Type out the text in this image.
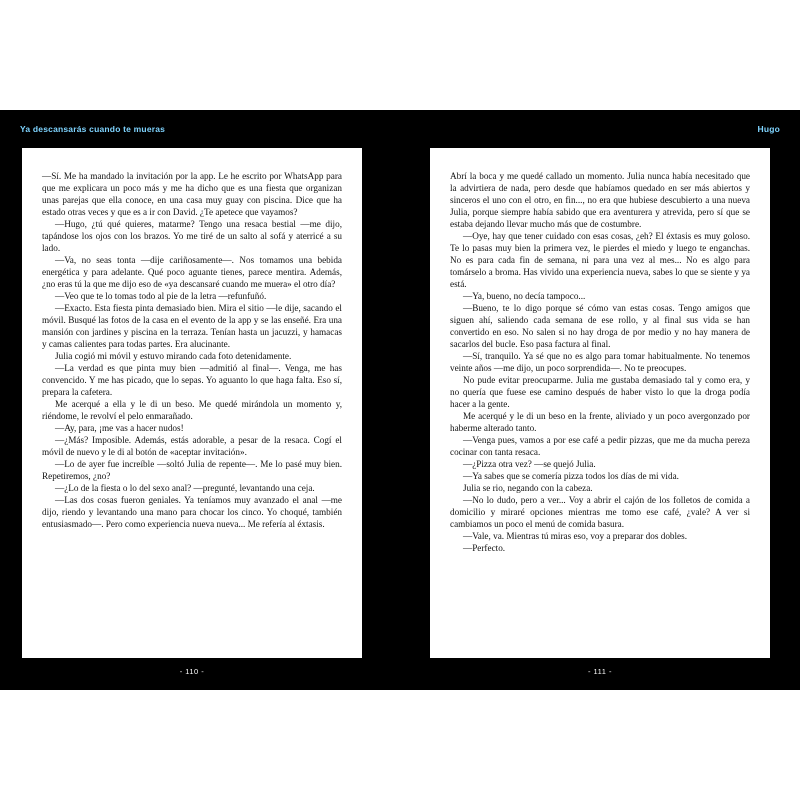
Ya descansarás cuando te mueras	Hugo

—Sí. Me ha mandado la invitación por la app. Le he escrito por WhatsApp para que me explicara un poco más y me ha dicho que es una fiesta que organizan unas parejas que ella conoce, en una casa muy guay con piscina. Dice que ha estado otras veces y que es a ir con David. ¿Te apetece que vayamos?

—Hugo, ¿tú qué quieres, matarme? Tengo una resaca bestial —me dijo, tapándose los ojos con los brazos. Yo me tiré de un salto al sofá y aterricé a su lado.

—Va, no seas tonta —dije cariñosamente—. Nos tomamos una bebida energética y para adelante. Qué poco aguante tienes, parece mentira. Además, ¿no eras tú la que me dijo eso de «ya descansaré cuando me muera» el otro día?

—Veo que te lo tomas todo al pie de la letra —refunfuñó.

—Exacto. Esta fiesta pinta demasiado bien. Mira el sitio —le dije, sacando el móvil. Busqué las fotos de la casa en el evento de la app y se las enseñé. Era una mansión con jardines y piscina en la terraza. Tenían hasta un jacuzzi, y hamacas y camas calientes para todas partes. Era alucinante.

Julia cogió mi móvil y estuvo mirando cada foto detenidamente.

—La verdad es que pinta muy bien —admitió al final—. Venga, me has convencido. Y me has picado, que lo sepas. Yo aguanto lo que haga falta. Eso sí, prepara la cafetera.

Me acerqué a ella y le di un beso. Me quedé mirándola un momento y, riéndome, le revolví el pelo enmarañado.

—Ay, para, ¡me vas a hacer nudos!

—¿Más? Imposible. Además, estás adorable, a pesar de la resaca. Cogí el móvil de nuevo y le di al botón de «aceptar invitación».

—Lo de ayer fue increíble —soltó Julia de repente—. Me lo pasé muy bien. Repetiremos, ¿no?

—¿Lo de la fiesta o lo del sexo anal? —pregunté, levantando una ceja.

—Las dos cosas fueron geniales. Ya teníamos muy avanzado el anal —me dijo, riendo y levantando una mano para chocar los cinco. Yo choqué, también entusiasmado—. Pero como experiencia nueva nueva... Me refería al éxtasis.

Abrí la boca y me quedé callado un momento. Julia nunca había necesitado que la advirtiera de nada, pero desde que habíamos quedado en ser más abiertos y sinceros el uno con el otro, en fin..., no era que hubiese descubierto a una nueva Julia, porque siempre había sabido que era aventurera y atrevida, pero sí que se estaba dejando llevar mucho más que de costumbre.

—Oye, hay que tener cuidado con esas cosas, ¿eh? El éxtasis es muy goloso. Te lo pasas muy bien la primera vez, le pierdes el miedo y luego te enganchas. No es para cada fin de semana, ni para una vez al mes... No es algo para tomárselo a broma. Has vivido una experiencia nueva, sabes lo que se siente y ya está.

—Ya, bueno, no decía tampoco...

—Bueno, te lo digo porque sé cómo van estas cosas. Tengo amigos que siguen ahí, saliendo cada semana de ese rollo, y al final sus vida se han convertido en eso. No salen si no hay droga de por medio y no hay manera de sacarlos del bucle. Eso pasa factura al final.

—Sí, tranquilo. Ya sé que no es algo para tomar habitualmente. No tenemos veinte años —me dijo, un poco sorprendida—. No te preocupes.

No pude evitar preocuparme. Julia me gustaba demasiado tal y como era, y no quería que fuese ese camino después de haber visto lo que la droga podía hacer a la gente.

Me acerqué y le di un beso en la frente, aliviado y un poco avergonzado por haberme alterado tanto.

—Venga pues, vamos a por ese café a pedir pizzas, que me da mucha pereza cocinar con tanta resaca.

—¿Pizza otra vez? —se quejó Julia.

—Ya sabes que se comería pizza todos los días de mi vida.

Julia se rio, negando con la cabeza.

—No lo dudo, pero a ver... Voy a abrir el cajón de los folletos de comida a domicilio y miraré opciones mientras me tomo ese café, ¿vale? A ver si cambiamos un poco el menú de comida basura.

—Vale, va. Mientras tú miras eso, voy a preparar dos dobles.

—Perfecto.

- 110 -	- 111 -
